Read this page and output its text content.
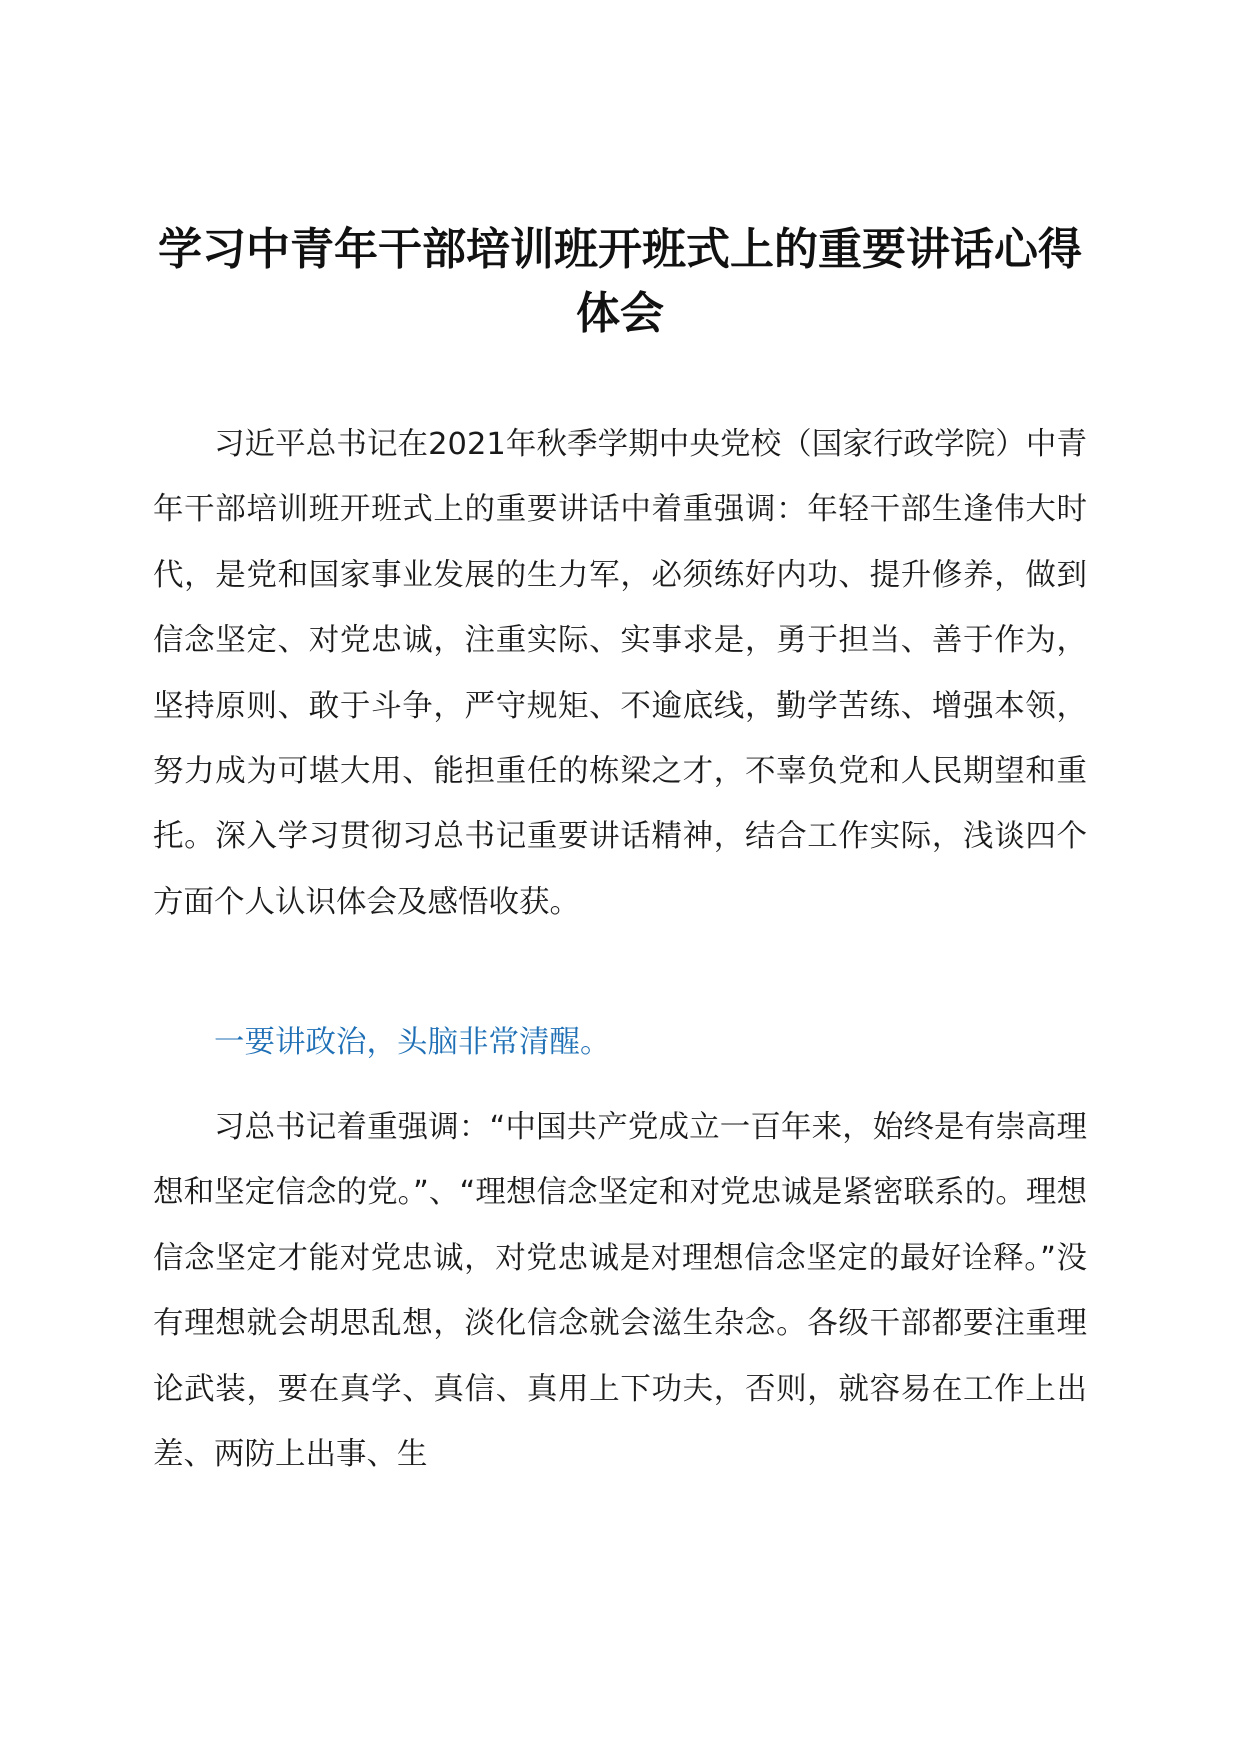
学习中青年干部培训班开班式上的重要讲话心得体会

习近平总书记在2021年秋季学期中央党校（国家行政学院）中青年干部培训班开班式上的重要讲话中着重强调：年轻干部生逢伟大时代，是党和国家事业发展的生力军，必须练好内功、提升修养，做到信念坚定、对党忠诚，注重实际、实事求是，勇于担当、善于作为，坚持原则、敢于斗争，严守规矩、不逾底线，勤学苦练、增强本领，努力成为可堪大用、能担重任的栋梁之才，不辜负党和人民期望和重托。深入学习贯彻习总书记重要讲话精神，结合工作实际，浅谈四个方面个人认识体会及感悟收获。

一要讲政治，头脑非常清醒。

习总书记着重强调：“中国共产党成立一百年来，始终是有崇高理想和坚定信念的党。”、“理想信念坚定和对党忠诚是紧密联系的。理想信念坚定才能对党忠诚，对党忠诚是对理想信念坚定的最好诠释。”没有理想就会胡思乱想，淡化信念就会滋生杂念。各级干部都要注重理论武装，要在真学、真信、真用上下功夫，否则，就容易在工作上出差、两防上出事、生
